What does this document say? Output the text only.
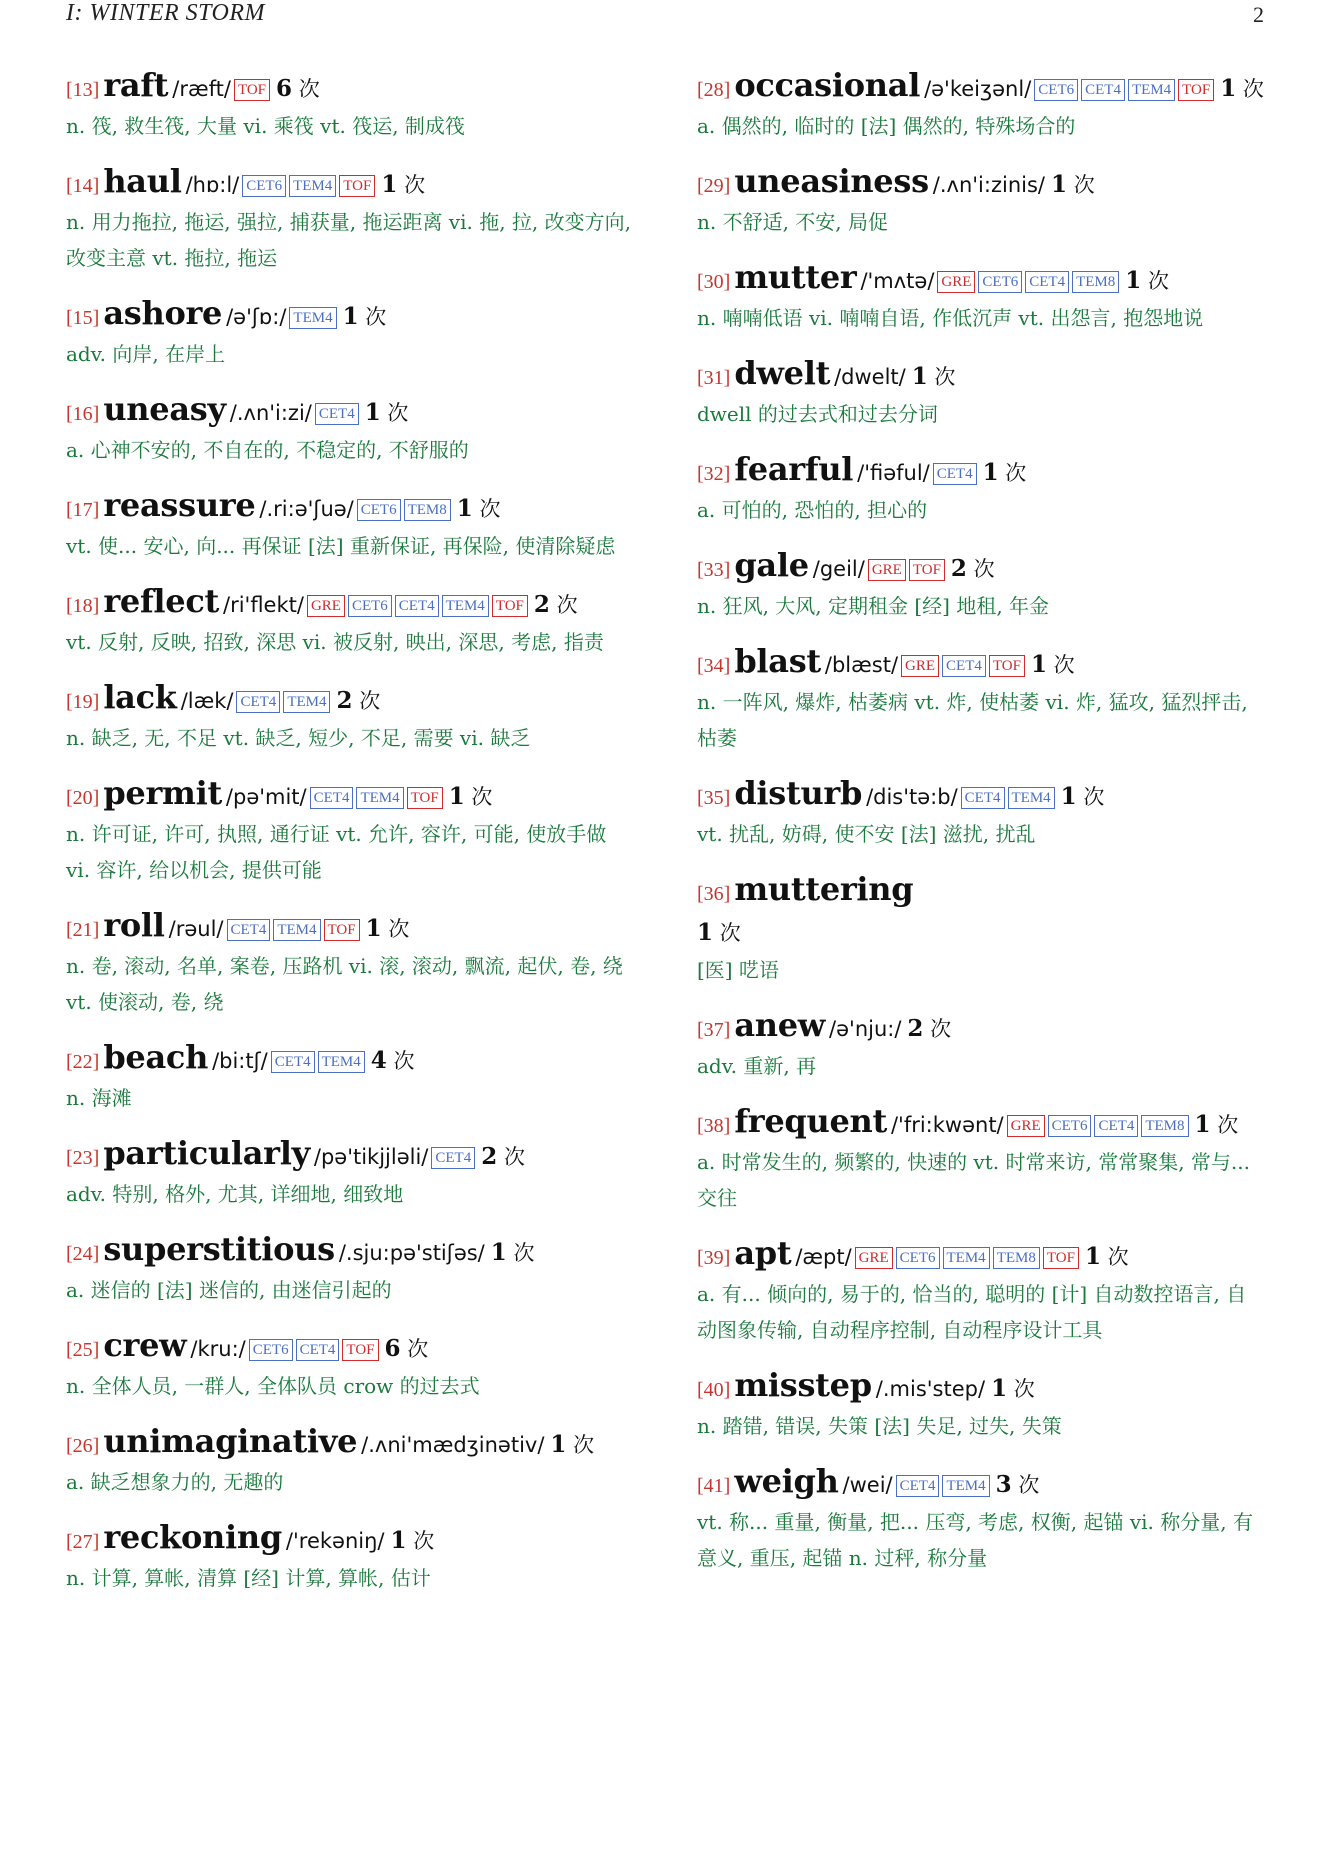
I: WINTER STORM	2
[13] raft /ræft/ TOF 6 次
n. 筏, 救生筏, 大量 vi. 乘筏 vt. 筏运, 制成筏
[14] haul /hɒ:l/ CET6 TEM4 TOF 1 次
n. 用力拖拉, 拖运, 强拉, 捕获量, 拖运距离 vi. 拖, 拉, 改变方向, 改变主意 vt. 拖拉, 拖运
[15] ashore /ə'ʃɒ:/ TEM4 1 次
adv. 向岸, 在岸上
[16] uneasy /.ʌn'i:zi/ CET4 1 次
a. 心神不安的, 不自在的, 不稳定的, 不舒服的
[17] reassure /.ri:ə'ʃuə/ CET6 TEM8 1 次
vt. 使... 安心, 向... 再保证 [法] 重新保证, 再保险, 使清除疑虑
[18] reflect /ri'flekt/ GRE CET6 CET4 TEM4 TOF 2 次
vt. 反射, 反映, 招致, 深思 vi. 被反射, 映出, 深思, 考虑, 指责
[19] lack /læk/ CET4 TEM4 2 次
n. 缺乏, 无, 不足 vt. 缺乏, 短少, 不足, 需要 vi. 缺乏
[20] permit /pə'mit/ CET4 TEM4 TOF 1 次
n. 许可证, 许可, 执照, 通行证 vt. 允许, 容许, 可能, 使放手做 vi. 容许, 给以机会, 提供可能
[21] roll /rəul/ CET4 TEM4 TOF 1 次
n. 卷, 滚动, 名单, 案卷, 压路机 vi. 滚, 滚动, 飘流, 起伏, 卷, 绕 vt. 使滚动, 卷, 绕
[22] beach /bi:tʃ/ CET4 TEM4 4 次
n. 海滩
[23] particularly /pə'tikjjləli/ CET4 2 次
adv. 特别, 格外, 尤其, 详细地, 细致地
[24] superstitious /.sju:pə'stiʃəs/ 1 次
a. 迷信的 [法] 迷信的, 由迷信引起的
[25] crew /kru:/ CET6 CET4 TOF 6 次
n. 全体人员, 一群人, 全体队员 crow 的过去式
[26] unimaginative /.ʌni'mædʒinətiv/ 1 次
a. 缺乏想象力的, 无趣的
[27] reckoning /'rekəniŋ/ 1 次
n. 计算, 算帐, 清算 [经] 计算, 算帐, 估计
[28] occasional /ə'keiʒənl/ CET6 CET4 TEM4 TOF 1 次
a. 偶然的, 临时的 [法] 偶然的, 特殊场合的
[29] uneasiness /.ʌn'i:zinis/ 1 次
n. 不舒适, 不安, 局促
[30] mutter /'mʌtə/ GRE CET6 CET4 TEM8 1 次
n. 喃喃低语 vi. 喃喃自语, 作低沉声 vt. 出怨言, 抱怨地说
[31] dwelt /dwelt/ 1 次
dwell 的过去式和过去分词
[32] fearful /'fiəful/ CET4 1 次
a. 可怕的, 恐怕的, 担心的
[33] gale /geil/ GRE TOF 2 次
n. 狂风, 大风, 定期租金 [经] 地租, 年金
[34] blast /blæst/ GRE CET4 TOF 1 次
n. 一阵风, 爆炸, 枯萎病 vt. 炸, 使枯萎 vi. 炸, 猛攻, 猛烈抨击, 枯萎
[35] disturb /dis'tə:b/ CET4 TEM4 1 次
vt. 扰乱, 妨碍, 使不安 [法] 滋扰, 扰乱
[36] muttering
1 次
[医] 呓语
[37] anew /ə'nju:/ 2 次
adv. 重新, 再
[38] frequent /'fri:kwənt/ GRE CET6 CET4 TEM8 1 次
a. 时常发生的, 频繁的, 快速的 vt. 时常来访, 常常聚集, 常与... 交往
[39] apt /æpt/ GRE CET6 TEM4 TEM8 TOF 1 次
a. 有... 倾向的, 易于的, 恰当的, 聪明的 [计] 自动数控语言, 自动图象传输, 自动程序控制, 自动程序设计工具
[40] misstep /.mis'step/ 1 次
n. 踏错, 错误, 失策 [法] 失足, 过失, 失策
[41] weigh /wei/ CET4 TEM4 3 次
vt. 称... 重量, 衡量, 把... 压弯, 考虑, 权衡, 起锚 vi. 称分量, 有意义, 重压, 起锚 n. 过秤, 称分量
